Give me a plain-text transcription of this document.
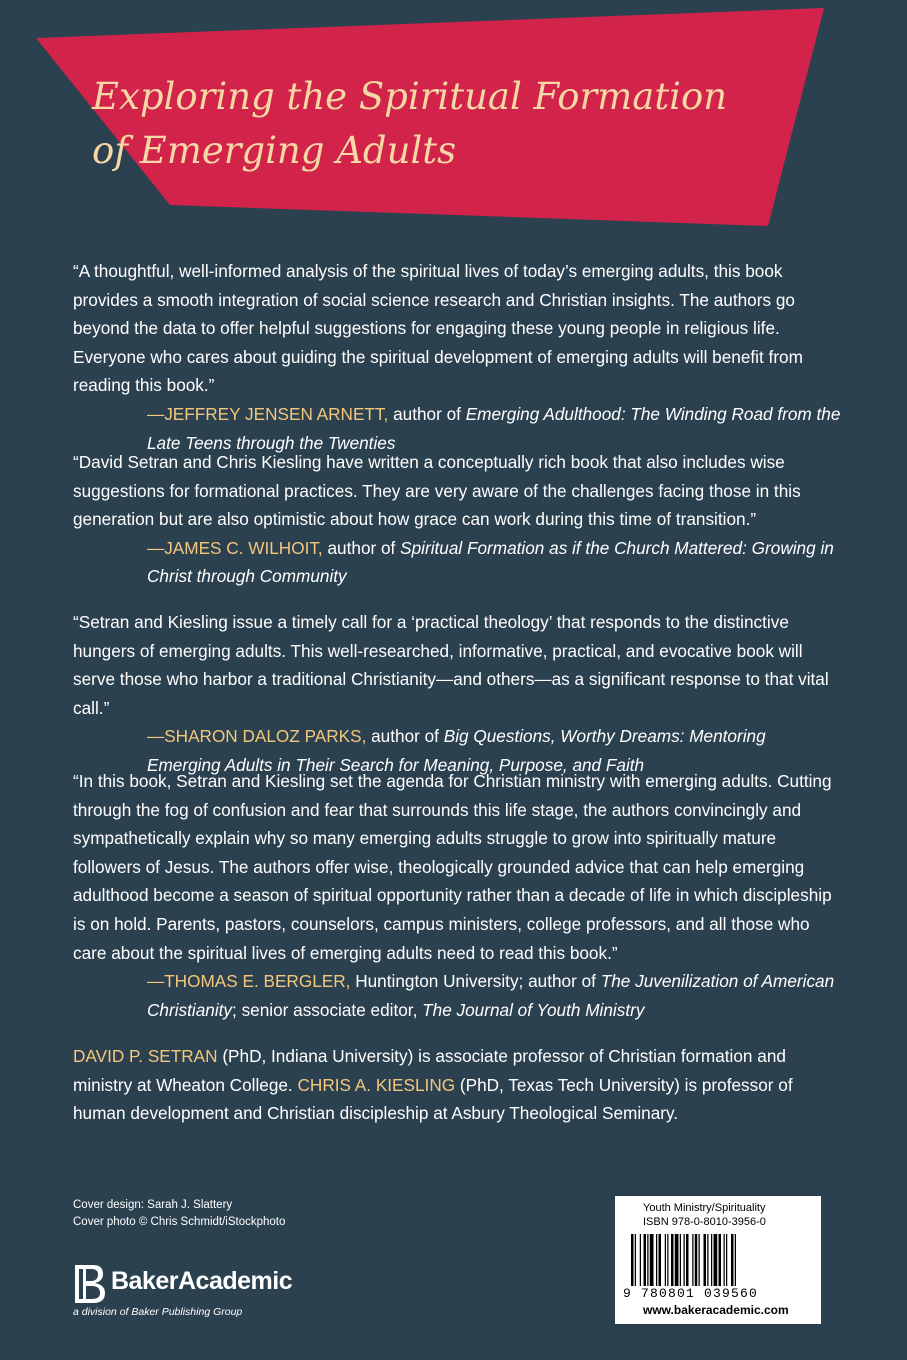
Exploring the Spiritual Formation of Emerging Adults

“A thoughtful, well-informed analysis of the spiritual lives of today’s emerging adults, this book provides a smooth integration of social science research and Christian insights. The authors go beyond the data to offer helpful suggestions for engaging these young people in religious life. Everyone who cares about guiding the spiritual development of emerging adults will benefit from reading this book.”

—JEFFREY JENSEN ARNETT, author of Emerging Adulthood: The Winding Road from the Late Teens through the Twenties

“David Setran and Chris Kiesling have written a conceptually rich book that also includes wise suggestions for formational practices. They are very aware of the challenges facing those in this generation but are also optimistic about how grace can work during this time of transition.”

—JAMES C. WILHOIT, author of Spiritual Formation as if the Church Mattered: Growing in Christ through Community

“Setran and Kiesling issue a timely call for a ‘practical theology’ that responds to the distinctive hungers of emerging adults. This well-researched, informative, practical, and evocative book will serve those who harbor a traditional Christianity—and others—as a significant response to that vital call.”

—SHARON DALOZ PARKS, author of Big Questions, Worthy Dreams: Mentoring Emerging Adults in Their Search for Meaning, Purpose, and Faith

“In this book, Setran and Kiesling set the agenda for Christian ministry with emerging adults. Cutting through the fog of confusion and fear that surrounds this life stage, the authors convincingly and sympathetically explain why so many emerging adults struggle to grow into spiritually mature followers of Jesus. The authors offer wise, theologically grounded advice that can help emerging adulthood become a season of spiritual opportunity rather than a decade of life in which discipleship is on hold. Parents, pastors, counselors, campus ministers, college professors, and all those who care about the spiritual lives of emerging adults need to read this book.”

—THOMAS E. BERGLER, Huntington University; author of The Juvenilization of American Christianity; senior associate editor, The Journal of Youth Ministry

DAVID P. SETRAN (PhD, Indiana University) is associate professor of Christian formation and ministry at Wheaton College. CHRIS A. KIESLING (PhD, Texas Tech University) is professor of human development and Christian discipleship at Asbury Theological Seminary.

Cover design: Sarah J. Slattery
Cover photo © Chris Schmidt/iStockphoto
BakerAcademic
a division of Baker Publishing Group
Youth Ministry/Spirituality
ISBN 978-0-8010-3956-0
9 780801 039560
www.bakeracademic.com
